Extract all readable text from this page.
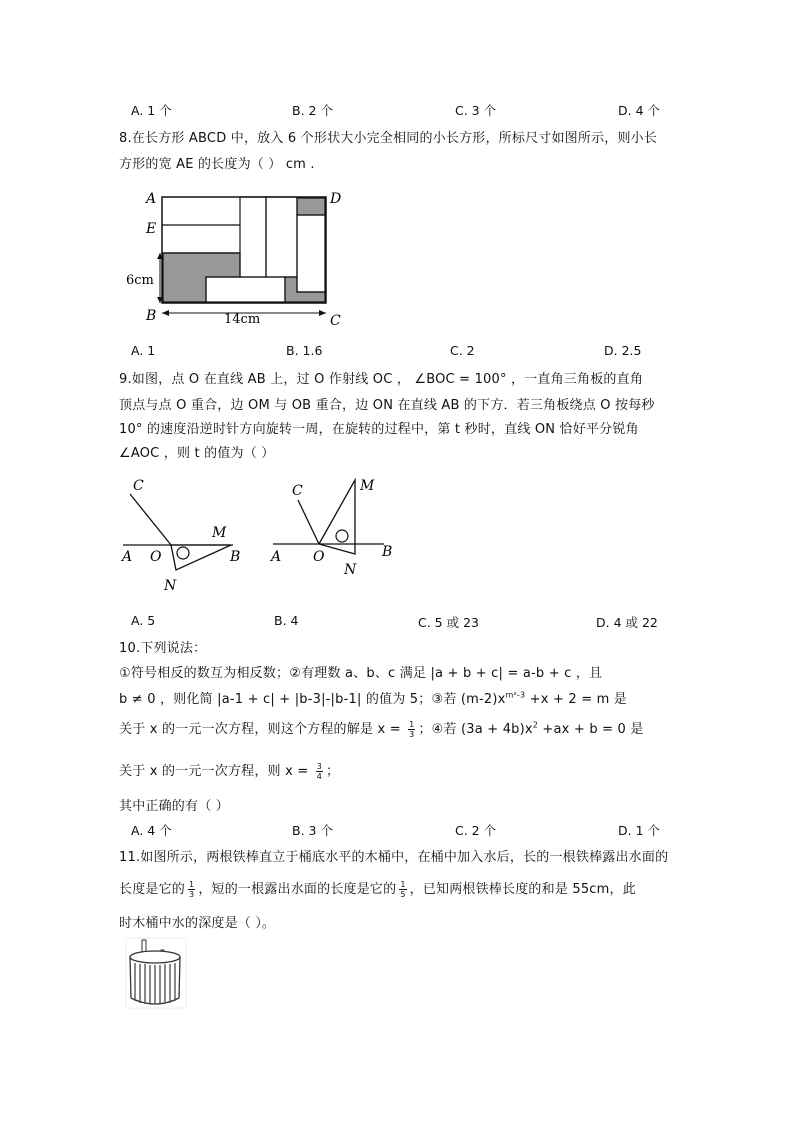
A. 1 个	B. 2 个	C. 3 个	D. 4 个
8.在长方形 ABCD 中，放入 6 个形状大小完全相同的小长方形，所标尺寸如图所示，则小长
方形的宽 AE 的长度为（ ） cm .
A	D
E
B	C
6cm
14cm
A. 1	B. 1.6	C. 2	D. 2.5
9.如图，点 O 在直线 AB 上，过 O 作射线 OC ， ∠BOC = 100° ，一直角三角板的直角
顶点与点 O 重合，边 OM 与 OB 重合，边 ON 在直线 AB 的下方．若三角板绕点 O 按每秒
10° 的速度沿逆时针方向旋转一周，在旋转的过程中，第 t 秒时，直线 ON 恰好平分锐角
∠AOC ，则 t 的值为（ ）
C
A O
M
B
N
C	M
A O	B
N
A. 5	B. 4	C. 5 或 23	D. 4 或 22
10.下列说法：
①符号相反的数互为相反数；②有理数 a、b、c 满足 |a + b + c| = a-b + c ，且
b ≠ 0 ，则化简 |a-1 + c| + |b-3|-|b-1| 的值为 5；③若 $(m-2)x^{m^2-3} +x + 2 = m$ 是
关于 x 的一元一次方程，则这个方程的解是 $x = \frac{1}{3}$ ；④若 $(3a + 4b)x^2 +ax + b = 0$ 是
关于 x 的一元一次方程，则 $x = \frac{3}{4}$ ；
其中正确的有（ ）
A. 4 个	B. 3 个	C. 2 个	D. 1 个
11.如图所示，两根铁棒直立于桶底水平的木桶中，在桶中加入水后，长的一根铁棒露出水面的
长度是它的 $\frac{1}{3}$ ，短的一根露出水面的长度是它的 $\frac{1}{5}$ ，已知两根铁棒长度的和是 55cm，此
时木桶中水的深度是（ ）。
